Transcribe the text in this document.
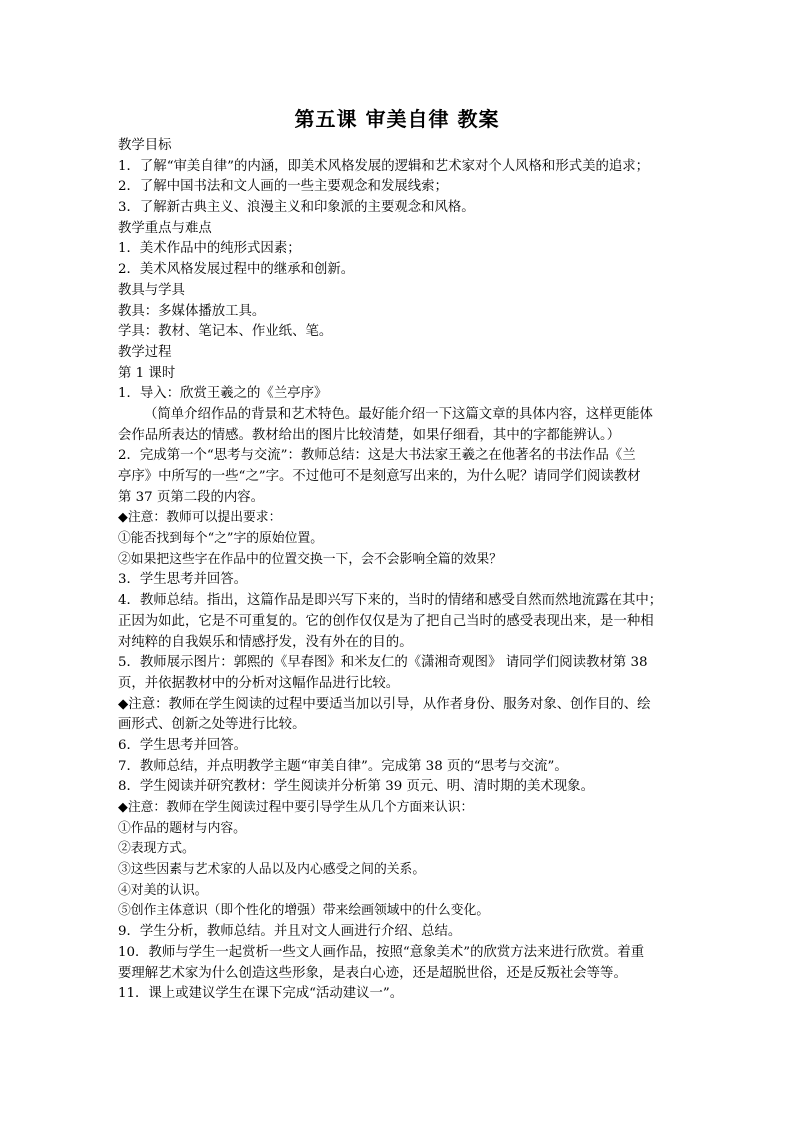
第五课 审美自律 教案
教学目标
1．了解“审美自律”的内涵，即美术风格发展的逻辑和艺术家对个人风格和形式美的追求；
2．了解中国书法和文人画的一些主要观念和发展线索；
3．了解新古典主义、浪漫主义和印象派的主要观念和风格。
教学重点与难点
1．美术作品中的纯形式因素；
2．美术风格发展过程中的继承和创新。
教具与学具
教具：多媒体播放工具。
学具：教材、笔记本、作业纸、笔。
教学过程
第 1 课时
1．导入：欣赏王羲之的《兰亭序》
（简单介绍作品的背景和艺术特色。最好能介绍一下这篇文章的具体内容，这样更能体
会作品所表达的情感。教材给出的图片比较清楚，如果仔细看，其中的字都能辨认。）
2．完成第一个“思考与交流”：教师总结：这是大书法家王羲之在他著名的书法作品《兰
亭序》中所写的一些“之”字。不过他可不是刻意写出来的，为什么呢？请同学们阅读教材
第 37 页第二段的内容。
◆注意：教师可以提出要求：
①能否找到每个“之”字的原始位置。
②如果把这些字在作品中的位置交换一下，会不会影响全篇的效果？
3．学生思考并回答。
4．教师总结。指出，这篇作品是即兴写下来的，当时的情绪和感受自然而然地流露在其中；
正因为如此，它是不可重复的。它的创作仅仅是为了把自己当时的感受表现出来，是一种相
对纯粹的自我娱乐和情感抒发，没有外在的目的。
5．教师展示图片：郭熙的《早春图》和米友仁的《潇湘奇观图》 请同学们阅读教材第 38
页，并依据教材中的分析对这幅作品进行比较。
◆注意：教师在学生阅读的过程中要适当加以引导，从作者身份、服务对象、创作目的、绘
画形式、创新之处等进行比较。
6．学生思考并回答。
7．教师总结，并点明教学主题“审美自律”。完成第 38 页的“思考与交流”。
8．学生阅读并研究教材：学生阅读并分析第 39 页元、明、清时期的美术现象。
◆注意：教师在学生阅读过程中要引导学生从几个方面来认识：
①作品的题材与内容。
②表现方式。
③这些因素与艺术家的人品以及内心感受之间的关系。
④对美的认识。
⑤创作主体意识（即个性化的增强）带来绘画领域中的什么变化。
9．学生分析，教师总结。并且对文人画进行介绍、总结。
10．教师与学生一起赏析一些文人画作品，按照“意象美术”的欣赏方法来进行欣赏。着重
要理解艺术家为什么创造这些形象，是表白心迹，还是超脱世俗，还是反叛社会等等。
11．课上或建议学生在课下完成“活动建议一”。
